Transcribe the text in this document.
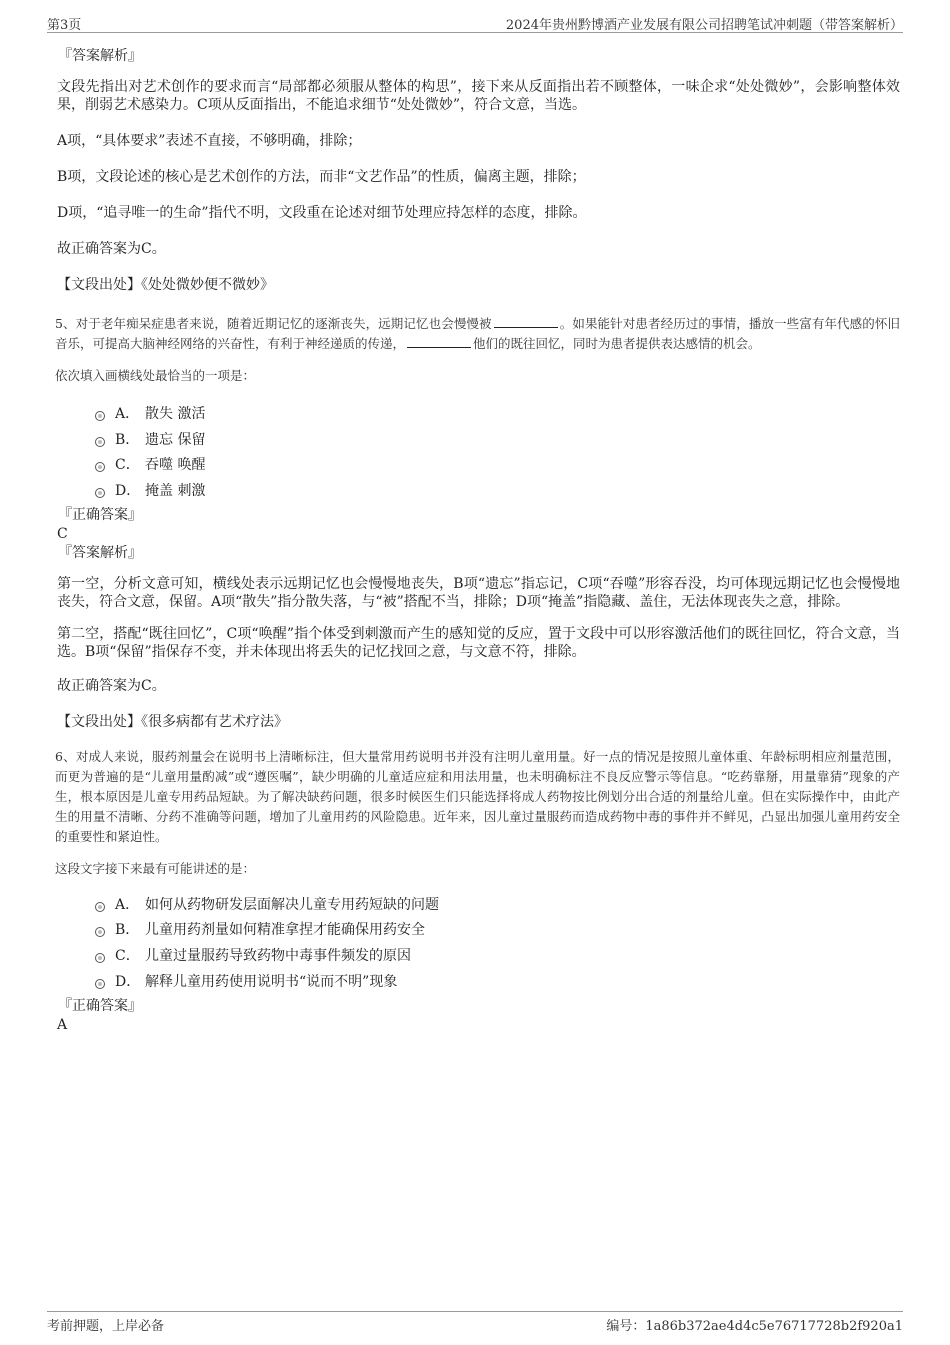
第3页	2024年贵州黔博酒产业发展有限公司招聘笔试冲刺题（带答案解析）
『答案解析』

文段先指出对艺术创作的要求而言“局部都必须服从整体的构思”，接下来从反面指出若不顾整体，一味企求“处处微妙”，会影响整体效果，削弱艺术感染力。C项从反面指出，不能追求细节“处处微妙”，符合文意，当选。

A项，“具体要求”表述不直接，不够明确，排除；

B项，文段论述的核心是艺术创作的方法，而非“文艺作品”的性质，偏离主题，排除；

D项，“追寻唯一的生命”指代不明，文段重在论述对细节处理应持怎样的态度，排除。

故正确答案为C。

【文段出处】《处处微妙便不微妙》

5、对于老年痴呆症患者来说，随着近期记忆的逐渐丧失，远期记忆也会慢慢被	。如果能针对患者经历过的事情，播放一些富有年代感的怀旧音乐，可提高大脑神经网络的兴奋性，有利于神经递质的传递，	他们的既往回忆，同时为患者提供表达感情的机会。
依次填入画横线处最恰当的一项是：
A． 散失 激活
B． 遗忘 保留
C． 吞噬 唤醒
D． 掩盖 刺激
『正确答案』
C
『答案解析』

第一空，分析文意可知，横线处表示远期记忆也会慢慢地丧失，B项“遗忘”指忘记，C项“吞噬”形容吞没，均可体现远期记忆也会慢慢地丧失，符合文意，保留。A项“散失”指分散失落，与“被”搭配不当，排除；D项“掩盖”指隐藏、盖住，无法体现丧失之意，排除。

第二空，搭配“既往回忆”，C项“唤醒”指个体受到刺激而产生的感知觉的反应，置于文段中可以形容激活他们的既往回忆，符合文意，当选。B项“保留”指保存不变，并未体现出将丢失的记忆找回之意，与文意不符，排除。

故正确答案为C。

【文段出处】《很多病都有艺术疗法》

6、对成人来说，服药剂量会在说明书上清晰标注，但大量常用药说明书并没有注明儿童用量。好一点的情况是按照儿童体重、年龄标明相应剂量范围，而更为普遍的是“儿童用量酌减”或“遵医嘱”，缺少明确的儿童适应症和用法用量，也未明确标注不良反应警示等信息。“吃药靠掰，用量靠猜”现象的产生，根本原因是儿童专用药品短缺。为了解决缺药问题，很多时候医生们只能选择将成人药物按比例划分出合适的剂量给儿童。但在实际操作中，由此产生的用量不清晰、分药不准确等问题，增加了儿童用药的风险隐患。近年来，因儿童过量服药而造成药物中毒的事件并不鲜见，凸显出加强儿童用药安全的重要性和紧迫性。
这段文字接下来最有可能讲述的是：
A． 如何从药物研发层面解决儿童专用药短缺的问题
B． 儿童用药剂量如何精准拿捏才能确保用药安全
C． 儿童过量服药导致药物中毒事件频发的原因
D． 解释儿童用药使用说明书“说而不明”现象
『正确答案』
A
考前押题，上岸必备	编号：1a86b372ae4d4c5e76717728b2f920a1
